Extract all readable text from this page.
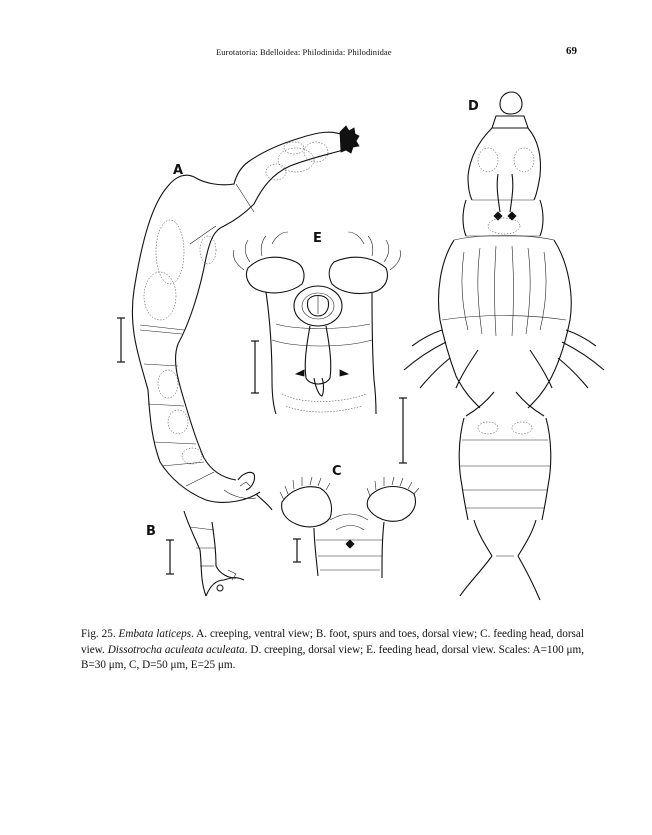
Eurotatoria: Bdelloidea: Philodinida: Philodinidae	69
A
B
C
D
E
Fig. 25. Embata laticeps. A. creeping, ventral view; B. foot, spurs and toes, dorsal view; C. feeding head, dorsal view. Dissotrocha aculeata aculeata. D. creeping, dorsal view; E. feeding head, dorsal view. Scales: A=100 μm, B=30 μm, C, D=50 μm, E=25 μm.
